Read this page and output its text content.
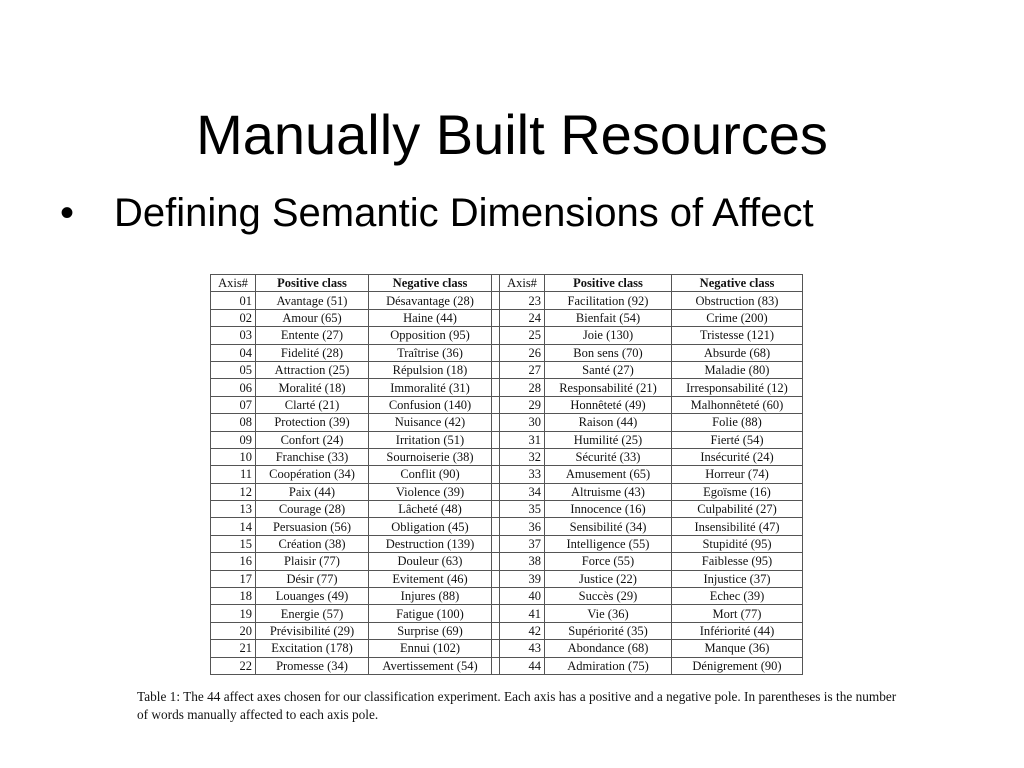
Manually Built Resources
• Defining Semantic Dimensions of Affect
Axis#	Positive class	Negative class		Axis#	Positive class	Negative class
01	Avantage (51)	Désavantage (28)		23	Facilitation (92)	Obstruction (83)
02	Amour (65)	Haine (44)		24	Bienfait (54)	Crime (200)
03	Entente (27)	Opposition (95)		25	Joie (130)	Tristesse (121)
04	Fidelité (28)	Traîtrise (36)		26	Bon sens (70)	Absurde (68)
05	Attraction (25)	Répulsion (18)		27	Santé (27)	Maladie (80)
06	Moralité (18)	Immoralité (31)		28	Responsabilité (21)	Irresponsabilité (12)
07	Clarté (21)	Confusion (140)		29	Honnêteté (49)	Malhonnêteté (60)
08	Protection (39)	Nuisance (42)		30	Raison (44)	Folie (88)
09	Confort (24)	Irritation (51)		31	Humilité (25)	Fierté (54)
10	Franchise (33)	Sournoiserie (38)		32	Sécurité (33)	Insécurité (24)
11	Coopération (34)	Conflit (90)		33	Amusement (65)	Horreur (74)
12	Paix (44)	Violence (39)		34	Altruisme (43)	Egoïsme (16)
13	Courage (28)	Lâcheté (48)		35	Innocence (16)	Culpabilité (27)
14	Persuasion (56)	Obligation (45)		36	Sensibilité (34)	Insensibilité (47)
15	Création (38)	Destruction (139)		37	Intelligence (55)	Stupidité (95)
16	Plaisir (77)	Douleur (63)		38	Force (55)	Faiblesse (95)
17	Désir (77)	Evitement (46)		39	Justice (22)	Injustice (37)
18	Louanges (49)	Injures (88)		40	Succès (29)	Echec (39)
19	Energie (57)	Fatigue (100)		41	Vie (36)	Mort (77)
20	Prévisibilité (29)	Surprise (69)		42	Supériorité (35)	Infériorité (44)
21	Excitation (178)	Ennui (102)		43	Abondance (68)	Manque (36)
22	Promesse (34)	Avertissement (54)		44	Admiration (75)	Dénigrement (90)
Table 1: The 44 affect axes chosen for our classification experiment. Each axis has a positive and a negative pole. In parentheses is the number of words manually affected to each axis pole.
